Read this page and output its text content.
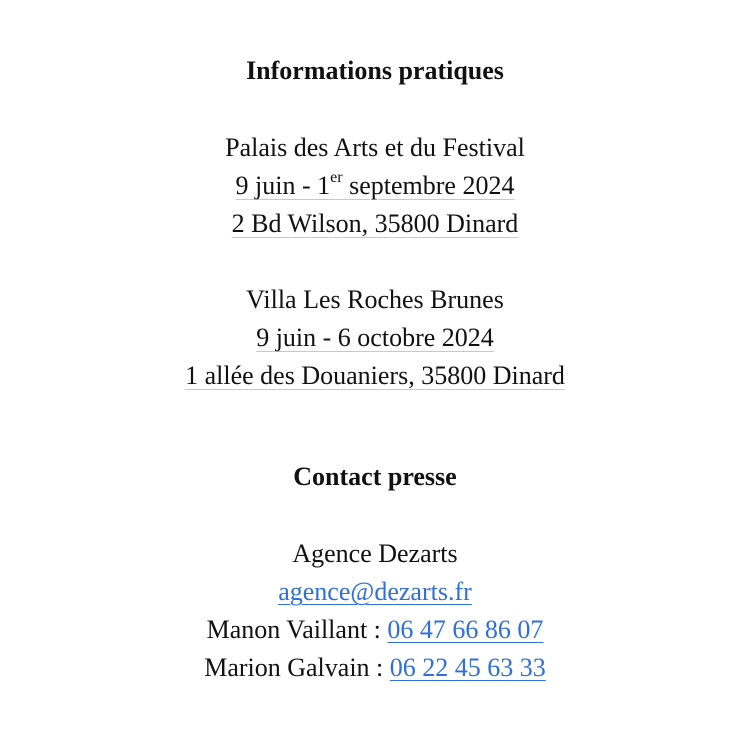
Informations pratiques
Palais des Arts et du Festival
9 juin - 1er septembre 2024
2 Bd Wilson, 35800 Dinard
Villa Les Roches Brunes
9 juin - 6 octobre 2024
1 allée des Douaniers, 35800 Dinard
Contact presse
Agence Dezarts
agence@dezarts.fr
Manon Vaillant : 06 47 66 86 07
Marion Galvain : 06 22 45 63 33
